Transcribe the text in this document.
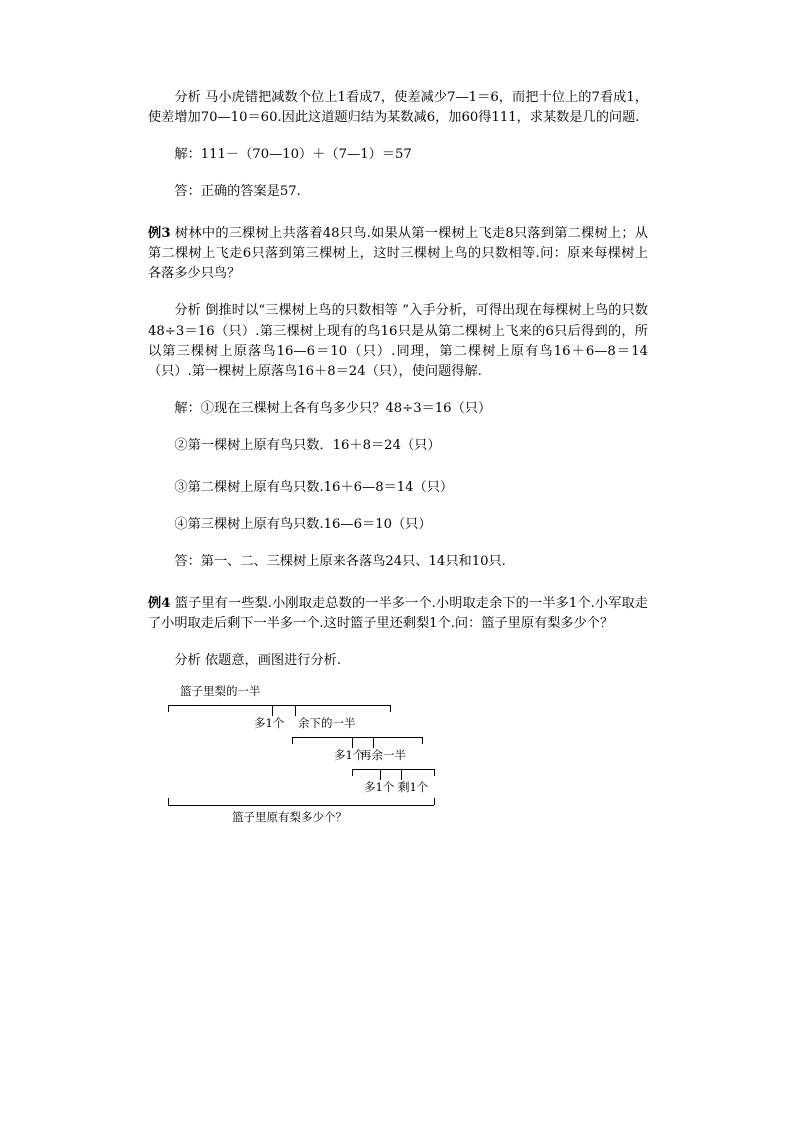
分析 马小虎错把减数个位上1看成7，使差减少7—1＝6，而把十位上的7看成1，使差增加70—10＝60.因此这道题归结为某数减6，加60得111，求某数是几的问题.

解：111－（70—10）＋（7—1）＝57

答：正确的答案是57.

例3 树林中的三棵树上共落着48只鸟.如果从第一棵树上飞走8只落到第二棵树上；从第二棵树上飞走6只落到第三棵树上，这时三棵树上鸟的只数相等.问：原来每棵树上各落多少只鸟？

分析 倒推时以“三棵树上鸟的只数相等 ”入手分析，可得出现在每棵树上鸟的只数48÷3＝16（只）.第三棵树上现有的鸟16只是从第二棵树上飞来的6只后得到的，所以第三棵树上原落鸟16—6＝10（只）.同理，第二棵树上原有鸟16＋6—8＝14（只）.第一棵树上原落鸟16＋8＝24（只），使问题得解.

解：①现在三棵树上各有鸟多少只？48÷3＝16（只）

②第一棵树上原有鸟只数．16＋8＝24（只）

③第二棵树上原有鸟只数.16＋6—8＝14（只）

④第三棵树上原有鸟只数.16—6＝10（只）

答：第一、二、三棵树上原来各落鸟24只、14只和10只.

例4 篮子里有一些梨.小刚取走总数的一半多一个.小明取走余下的一半多1个.小军取走了小明取走后剩下一半多一个.这时篮子里还剩梨1个.问：篮子里原有梨多少个？

分析 依题意，画图进行分析.

篮子里梨的一半
多1个 余下的一半
多1个
再余一半
多1个 剩1个
篮子里原有梨多少个？
